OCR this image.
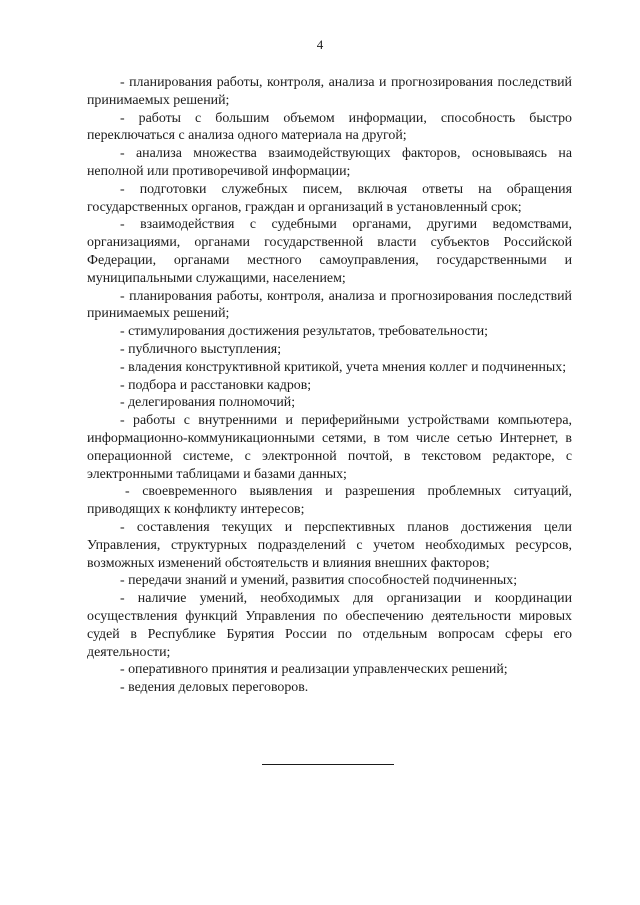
4

- планирования работы, контроля, анализа и прогнозирования последствий принимаемых решений;

- работы с большим объемом информации, способность быстро переключаться с анализа одного материала на другой;

- анализа множества взаимодействующих факторов, основываясь на неполной или противоречивой информации;

- подготовки служебных писем, включая ответы на обращения государственных органов, граждан и организаций в установленный срок;

- взаимодействия с судебными органами, другими ведомствами, организациями, органами государственной власти субъектов Российской Федерации, органами местного самоуправления, государственными и муниципальными служащими, населением;

- планирования работы, контроля, анализа и прогнозирования последствий принимаемых решений;

- стимулирования достижения результатов, требовательности;

- публичного выступления;

- владения конструктивной критикой, учета мнения коллег и подчиненных;

- подбора и расстановки кадров;

- делегирования полномочий;

- работы с внутренними и периферийными устройствами компьютера, информационно-коммуникационными сетями, в том числе сетью Интернет, в операционной системе, с электронной почтой, в текстовом редакторе, с электронными таблицами и базами данных;

- своевременного выявления и разрешения проблемных ситуаций, приводящих к конфликту интересов;

- составления текущих и перспективных планов достижения цели Управления, структурных подразделений с учетом необходимых ресурсов, возможных изменений обстоятельств и влияния внешних факторов;

- передачи знаний и умений, развития способностей подчиненных;

- наличие умений, необходимых для организации и координации осуществления функций Управления по обеспечению деятельности мировых судей в Республике Бурятия России по отдельным вопросам сферы его деятельности;

- оперативного принятия и реализации управленческих решений;

- ведения деловых переговоров.
